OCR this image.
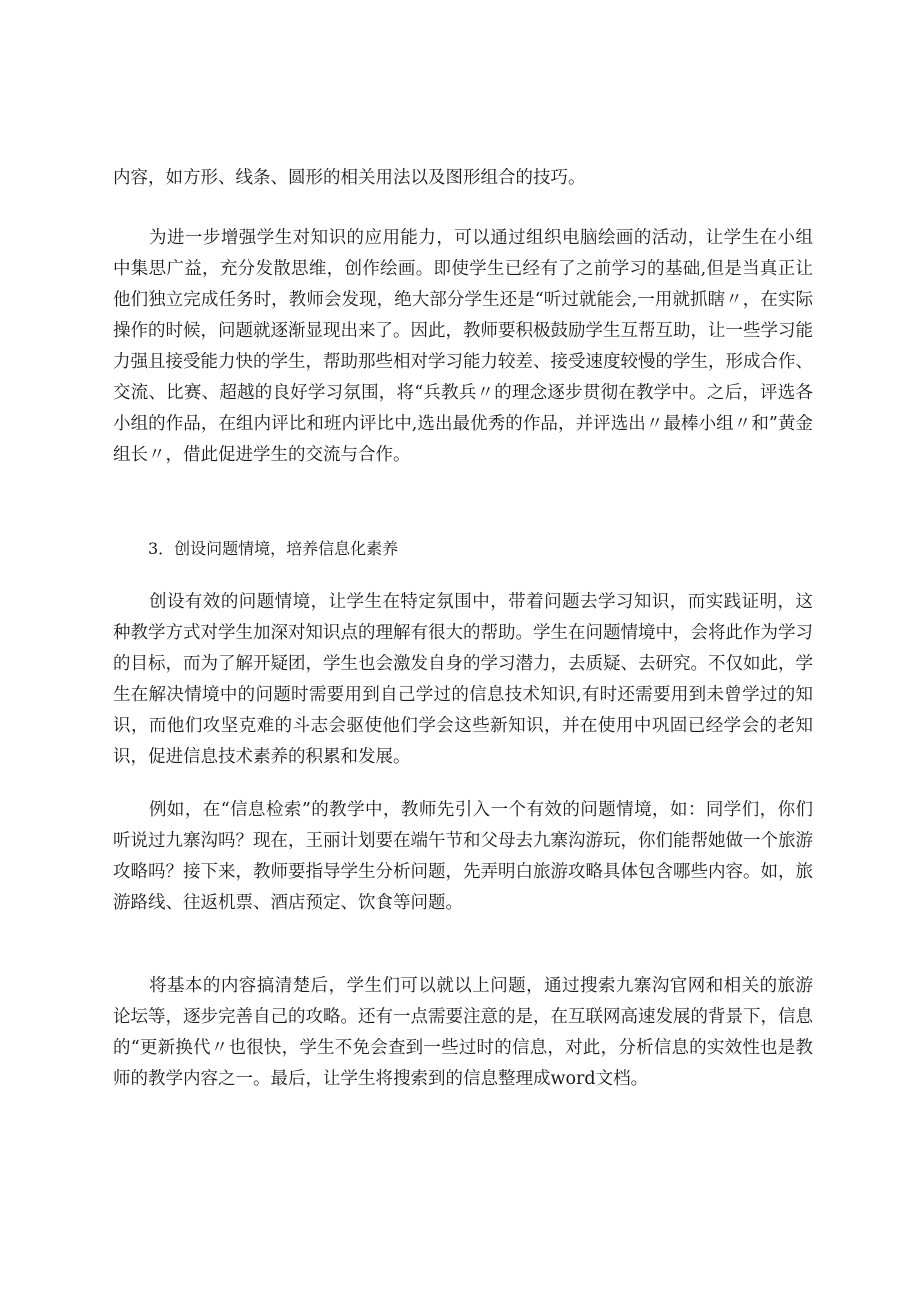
内容，如方形、线条、圆形的相关用法以及图形组合的技巧。

为进一步增强学生对知识的应用能力，可以通过组织电脑绘画的活动，让学生在小组中集思广益，充分发散思维，创作绘画。即使学生已经有了之前学习的基础,但是当真正让他们独立完成任务时，教师会发现，绝大部分学生还是“听过就能会,一用就抓瞎〃，在实际操作的时候，问题就逐渐显现出来了。因此，教师要积极鼓励学生互帮互助，让一些学习能力强且接受能力快的学生，帮助那些相对学习能力较差、接受速度较慢的学生，形成合作、交流、比赛、超越的良好学习氛围，将“兵教兵〃的理念逐步贯彻在教学中。之后，评选各小组的作品，在组内评比和班内评比中,选出最优秀的作品，并评选出〃最棒小组〃和”黄金组长〃，借此促进学生的交流与合作。

3．创设问题情境，培养信息化素养

创设有效的问题情境，让学生在特定氛围中，带着问题去学习知识，而实践证明，这种教学方式对学生加深对知识点的理解有很大的帮助。学生在问题情境中，会将此作为学习的目标，而为了解开疑团，学生也会激发自身的学习潜力，去质疑、去研究。不仅如此，学生在解决情境中的问题时需要用到自己学过的信息技术知识,有时还需要用到未曾学过的知识，而他们攻坚克难的斗志会驱使他们学会这些新知识，并在使用中巩固已经学会的老知识，促进信息技术素养的积累和发展。

例如，在“信息检索”的教学中，教师先引入一个有效的问题情境，如：同学们，你们听说过九寨沟吗？现在，王丽计划要在端午节和父母去九寨沟游玩，你们能帮她做一个旅游攻略吗？接下来，教师要指导学生分析问题，先弄明白旅游攻略具体包含哪些内容。如，旅游路线、往返机票、酒店预定、饮食等问题。

将基本的内容搞清楚后，学生们可以就以上问题，通过搜索九寨沟官网和相关的旅游论坛等，逐步完善自己的攻略。还有一点需要注意的是，在互联网高速发展的背景下，信息的“更新换代〃也很快，学生不免会查到一些过时的信息，对此，分析信息的实效性也是教师的教学内容之一。最后，让学生将搜索到的信息整理成word文档。
